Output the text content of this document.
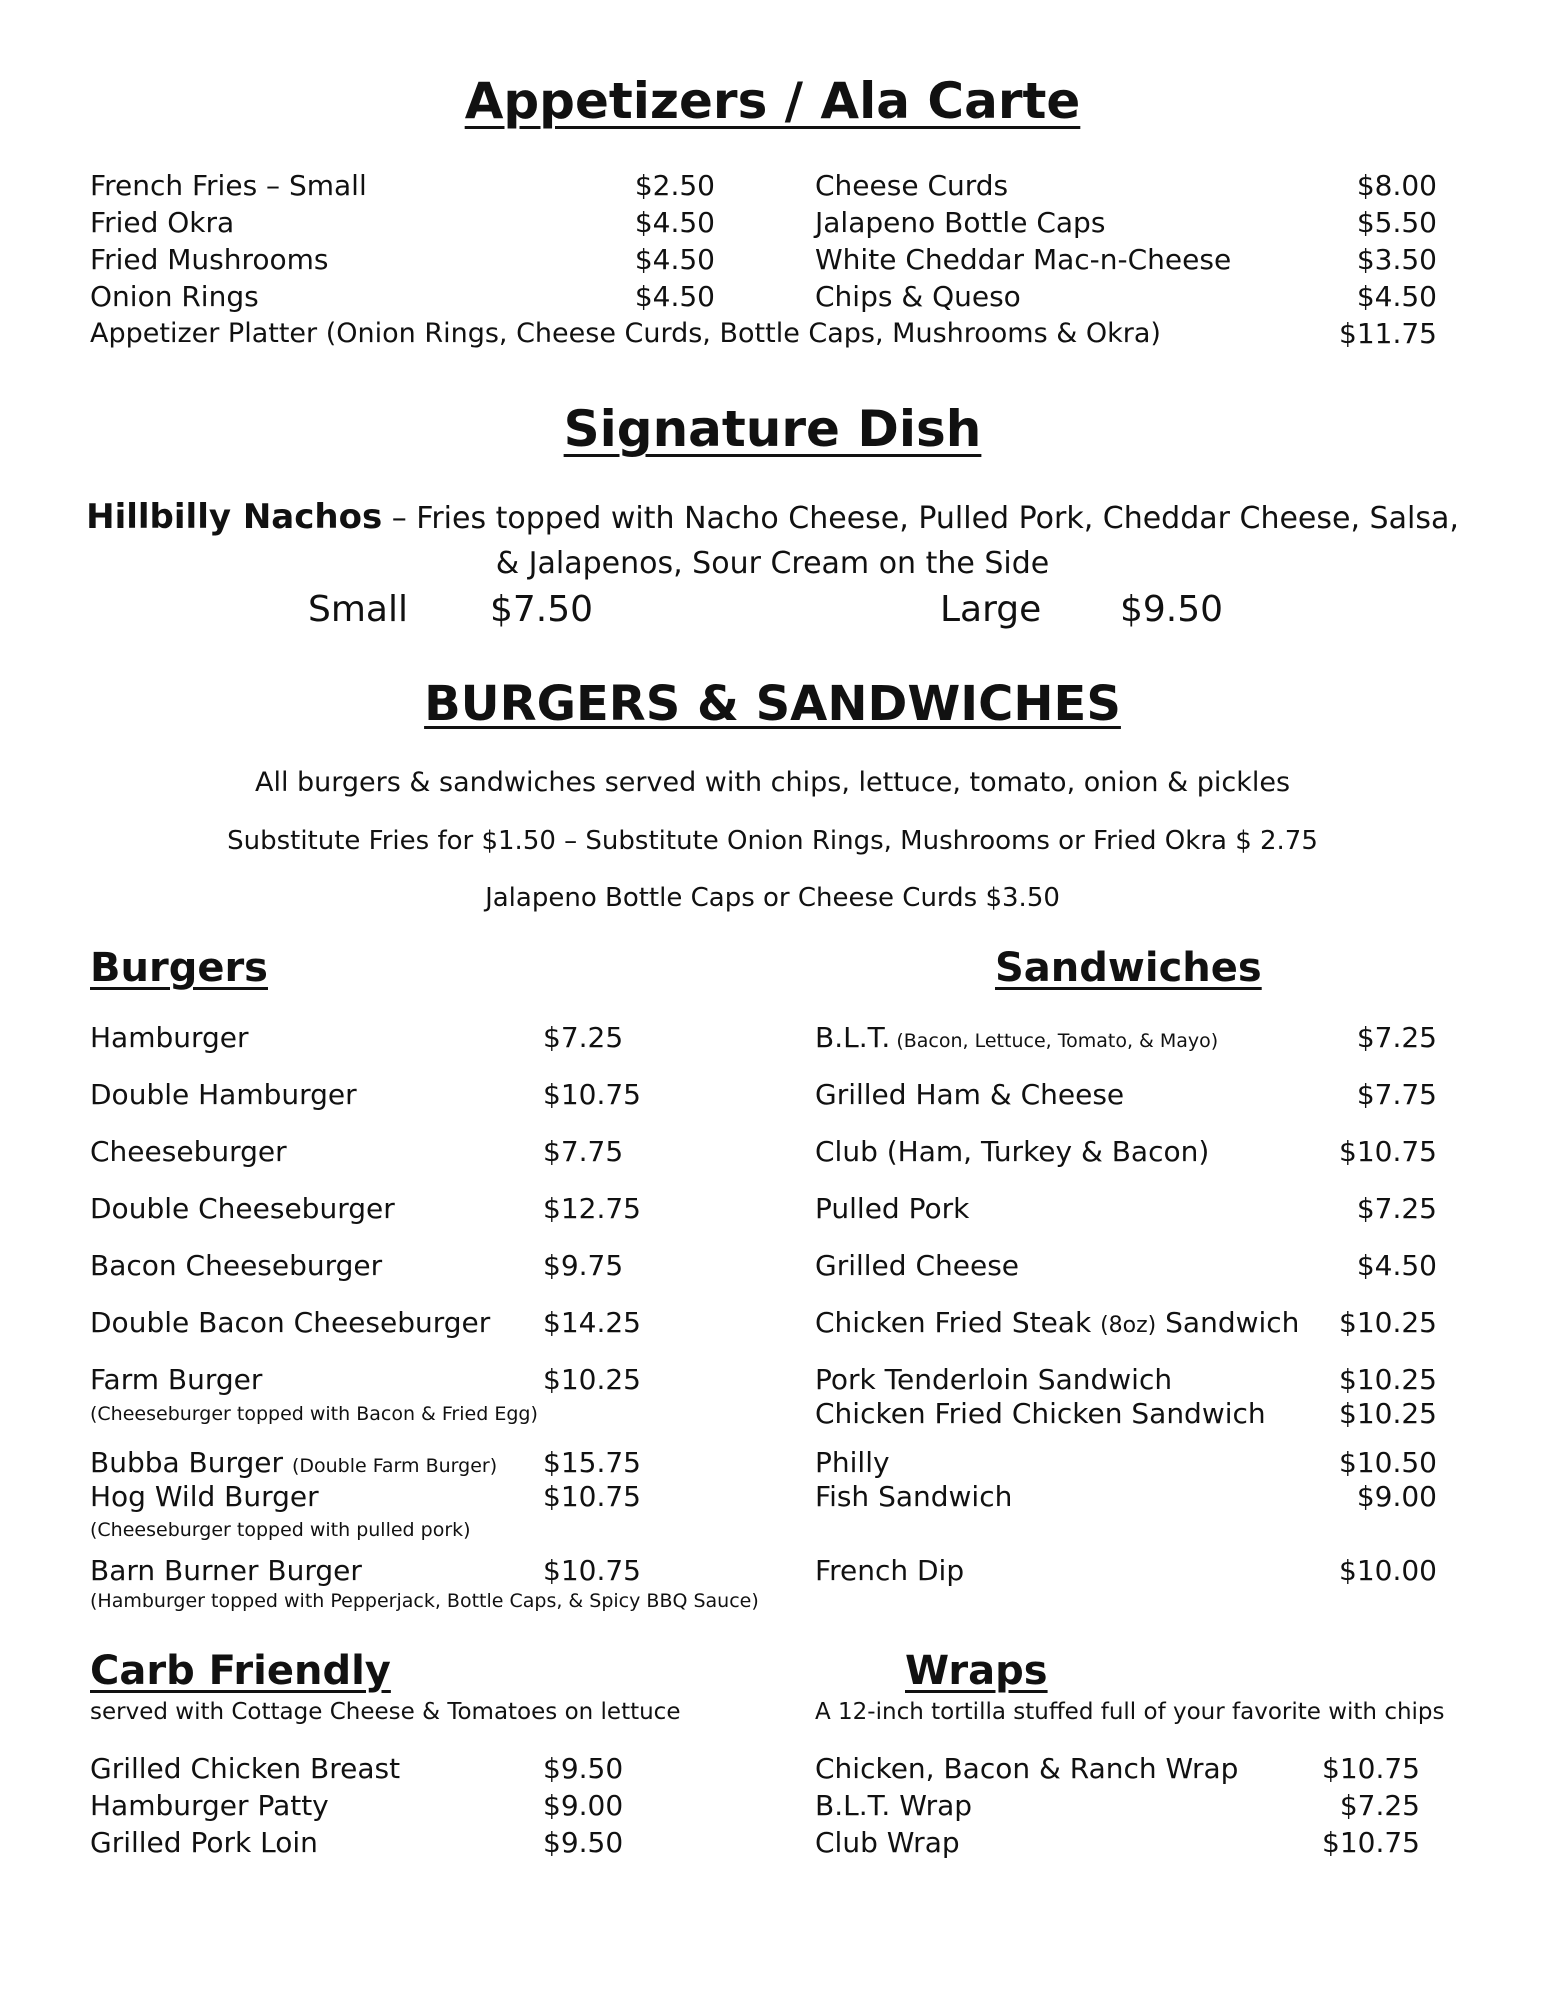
Appetizers / Ala Carte
French Fries – Small	$2.50
Fried Okra	$4.50
Fried Mushrooms	$4.50
Onion Rings	$4.50
Cheese Curds	$8.00
Jalapeno Bottle Caps	$5.50
White Cheddar Mac-n-Cheese	$3.50
Chips & Queso	$4.50
Appetizer Platter (Onion Rings, Cheese Curds, Bottle Caps, Mushrooms & Okra)	$11.75
Signature Dish
Hillbilly Nachos – Fries topped with Nacho Cheese, Pulled Pork, Cheddar Cheese, Salsa,
& Jalapenos, Sour Cream on the Side
Small $7.50	Large $9.50
BURGERS & SANDWICHES
All burgers & sandwiches served with chips, lettuce, tomato, onion & pickles
Substitute Fries for $1.50 – Substitute Onion Rings, Mushrooms or Fried Okra $ 2.75
Jalapeno Bottle Caps or Cheese Curds $3.50
Burgers	Sandwiches
Hamburger	$7.25
Double Hamburger	$10.75
Cheeseburger	$7.75
Double Cheeseburger	$12.75
Bacon Cheeseburger	$9.75
Double Bacon Cheeseburger $14.25
Farm Burger	$10.25
(Cheeseburger topped with Bacon & Fried Egg)
Bubba Burger (Double Farm Burger) $15.75
Hog Wild Burger	$10.75
(Cheeseburger topped with pulled pork)
Barn Burner Burger	$10.75
(Hamburger topped with Pepperjack, Bottle Caps, & Spicy BBQ Sauce)
B.L.T. (Bacon, Lettuce, Tomato, & Mayo)	$7.25
Grilled Ham & Cheese	$7.75
Club (Ham, Turkey & Bacon)	$10.75
Pulled Pork	$7.25
Grilled Cheese	$4.50
Chicken Fried Steak (8oz) Sandwich	$10.25
Pork Tenderloin Sandwich	$10.25
Chicken Fried Chicken Sandwich	$10.25
Philly	$10.50
Fish Sandwich	$9.00
French Dip	$10.00
Carb Friendly
served with Cottage Cheese & Tomatoes on lettuce
Grilled Chicken Breast	$9.50
Hamburger Patty	$9.00
Grilled Pork Loin	$9.50
Wraps
A 12-inch tortilla stuffed full of your favorite with chips
Chicken, Bacon & Ranch Wrap	$10.75
B.L.T. Wrap	$7.25
Club Wrap	$10.75
